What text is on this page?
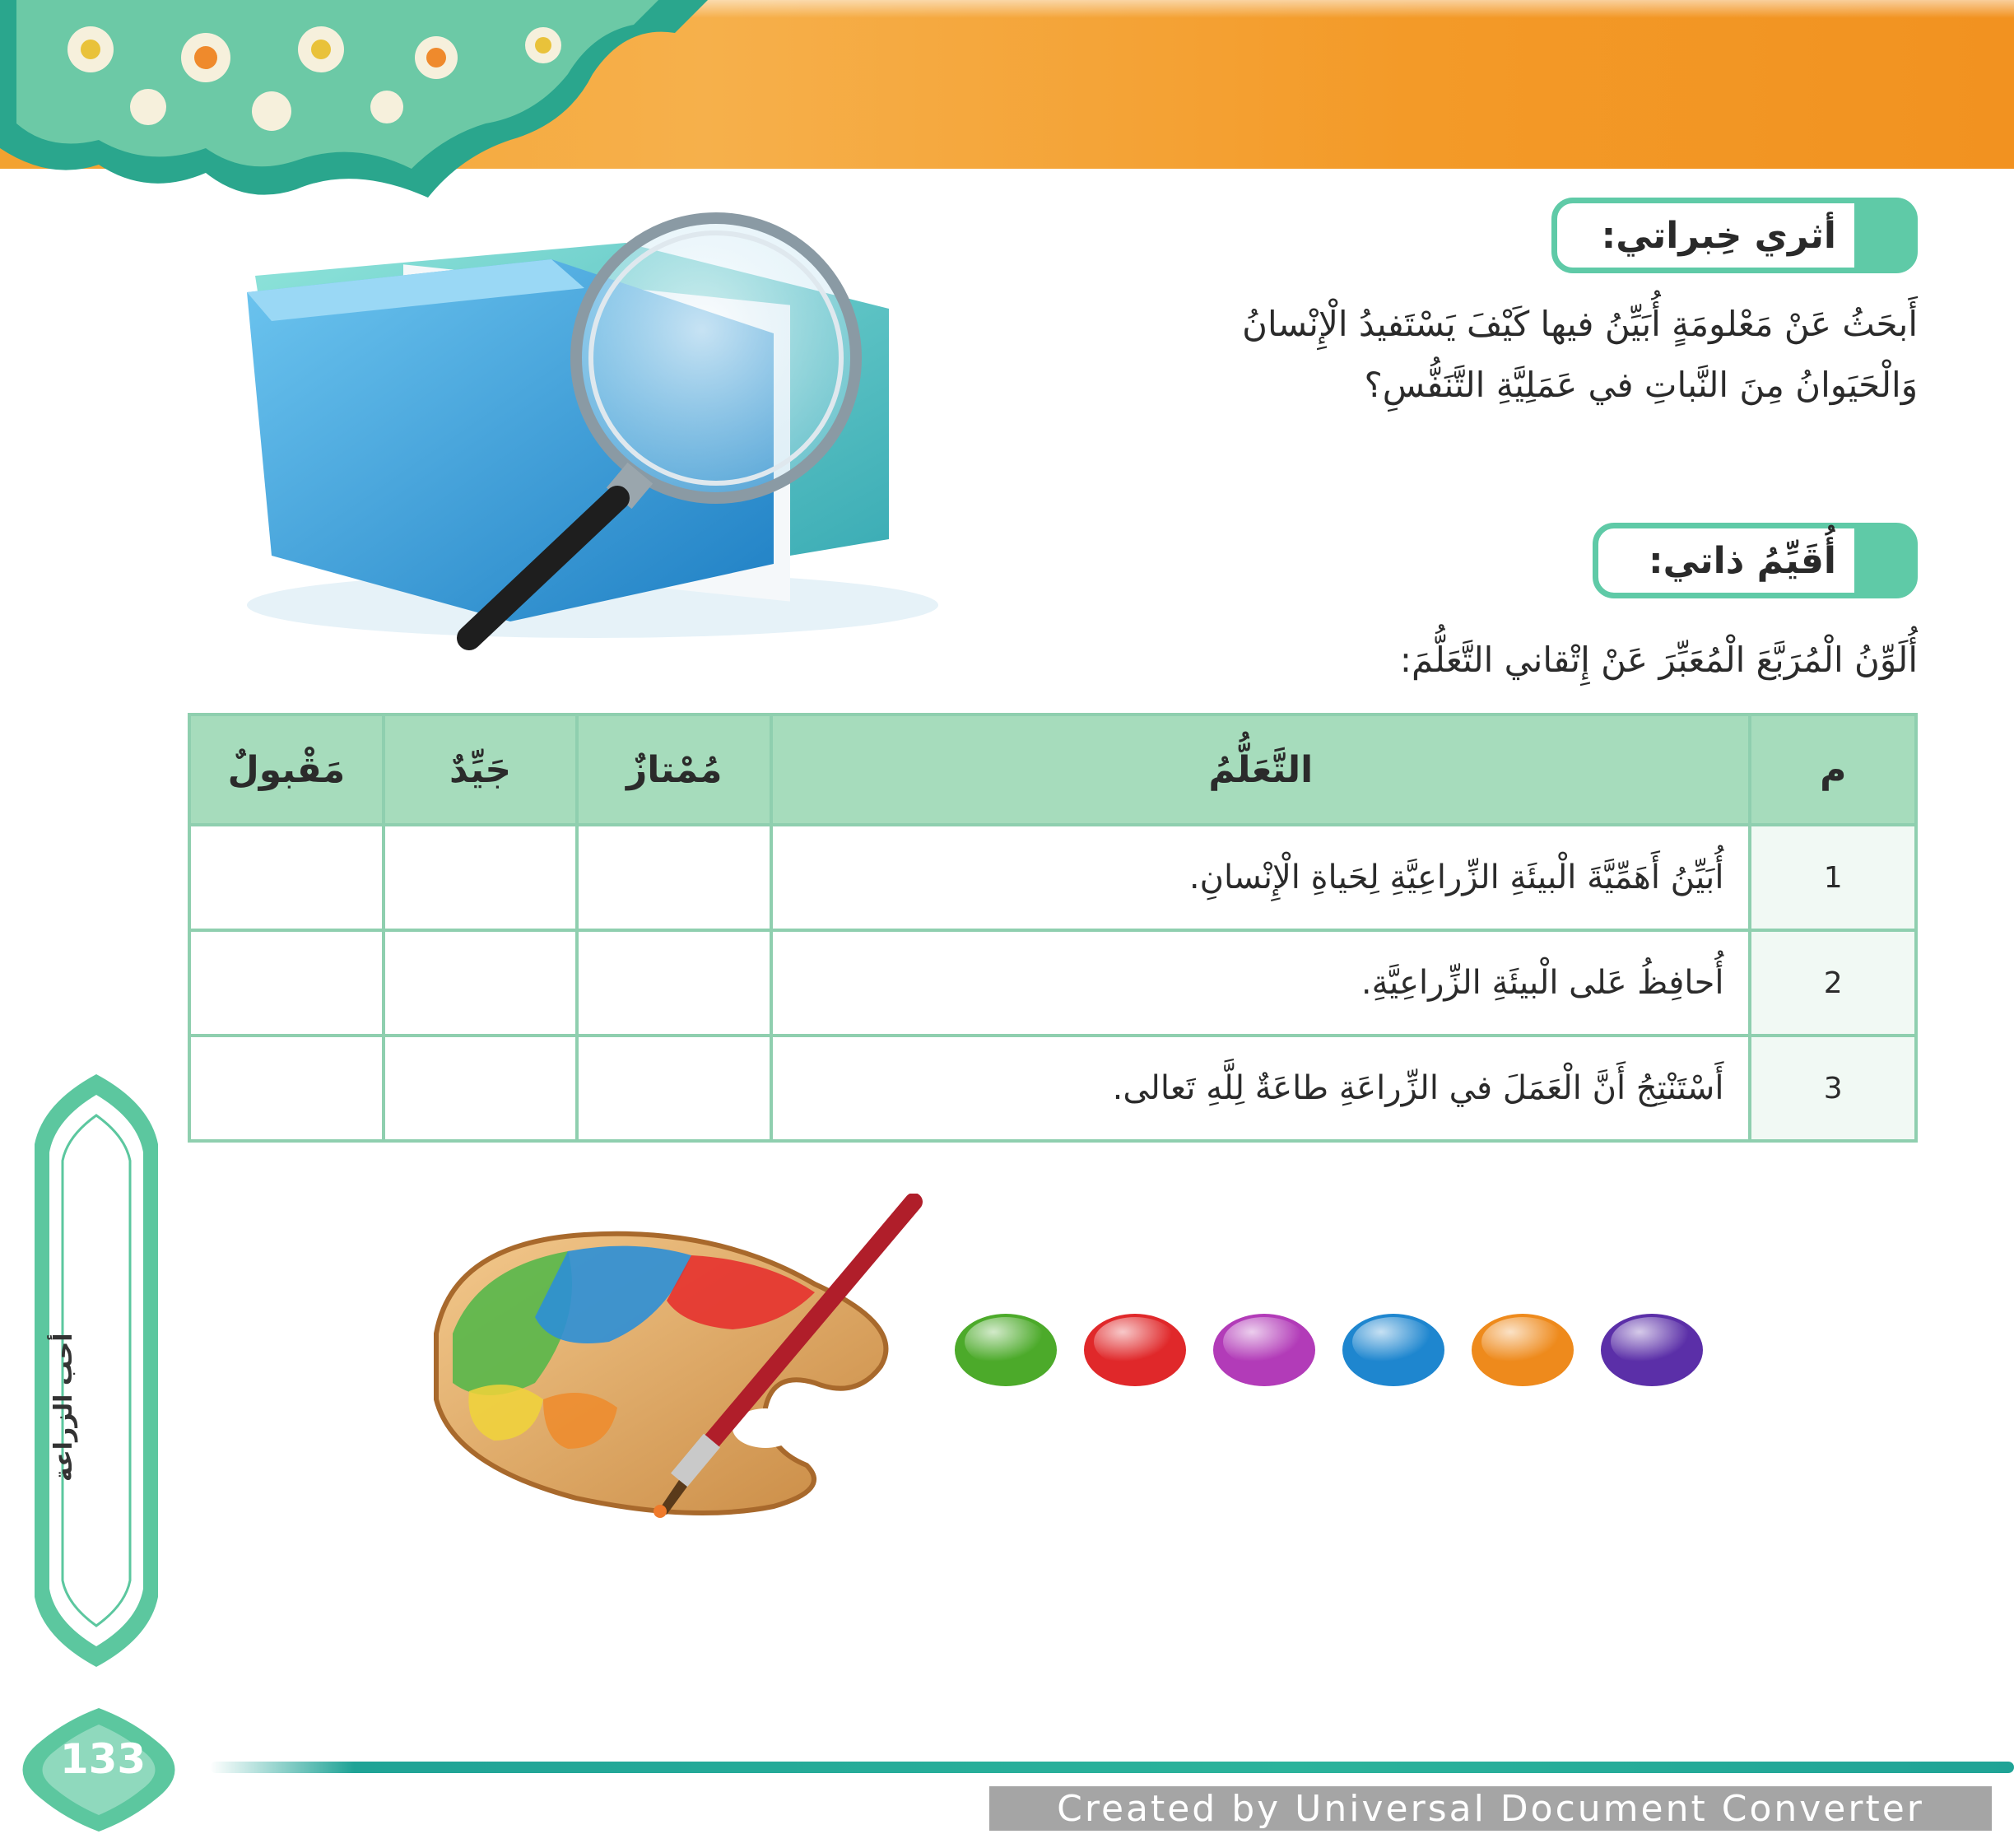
أثري خِبراتي:
أَبحَثُ عَنْ مَعْلومَةٍ أُبَيِّنُ فيها كَيْفَ يَسْتَفيدُ الْإِنْسانُ
وَالْحَيَوانُ مِنَ النَّباتِ في عَمَلِيَّةِ التَّنَفُّسِ؟
أُقَيِّمُ ذاتي:
أُلَوِّنُ الْمُرَبَّعَ الْمُعَبِّرَ عَنْ إِتْقاني التَّعَلُّمَ:
م	التَّعَلُّمُ	مُمْتازٌ	جَيِّدٌ	مَقْبولٌ
1	أُبَيِّنُ أَهَمِّيَّةَ الْبيئَةِ الزِّراعِيَّةِ لِحَياةِ الْإِنْسانِ.			
2	أُحافِظُ عَلى الْبيئَةِ الزِّراعِيَّةِ.			
3	أَسْتَنْتِجُ أَنَّ الْعَمَلَ في الزِّراعَةِ طاعَةٌ لِلَّهِ تَعالى.			
أحب الزراعة
133
Created by Universal Document Converter
